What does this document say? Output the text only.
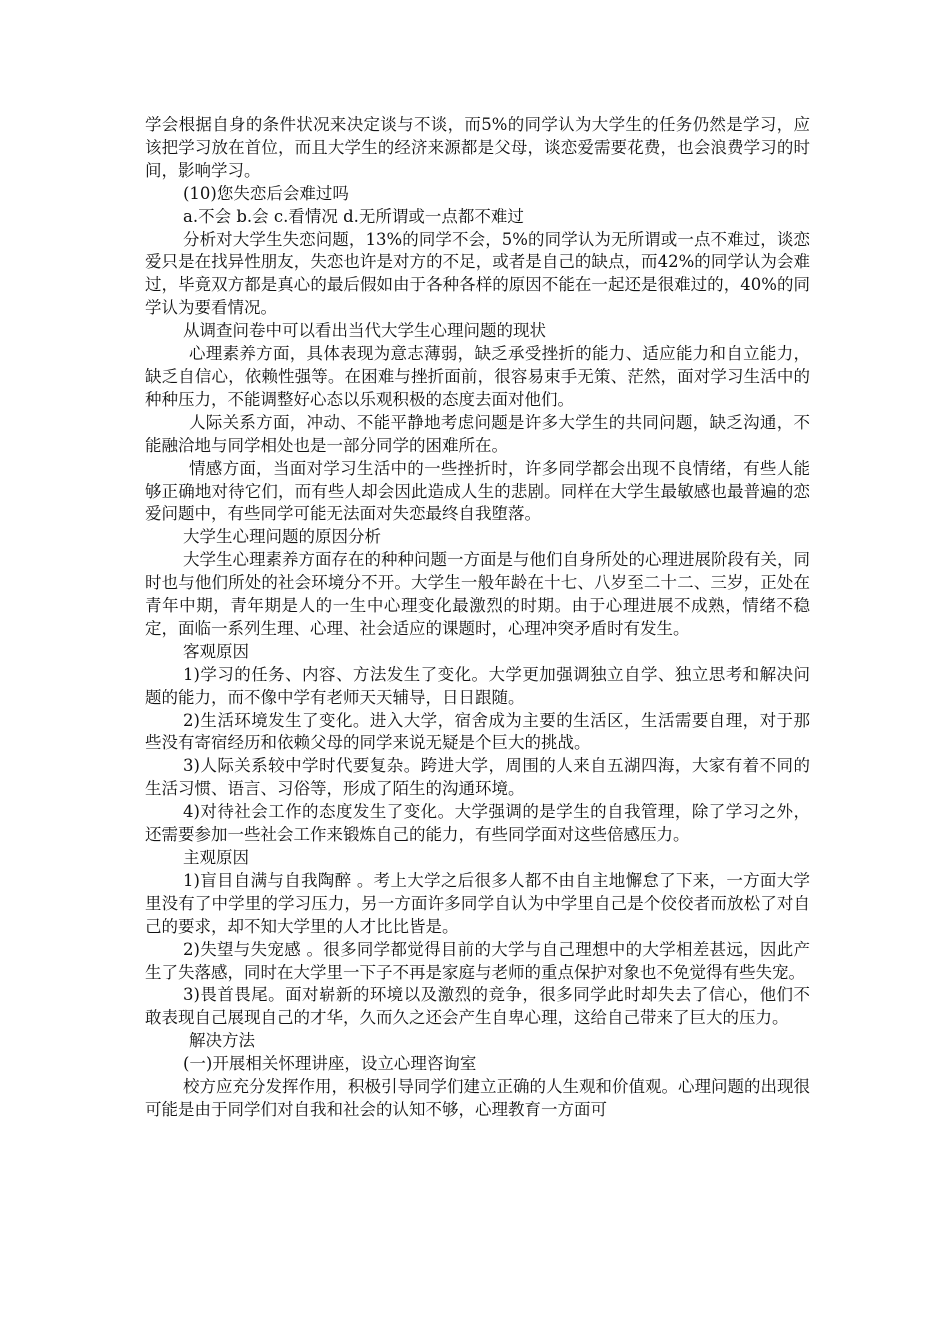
学会根据自身的条件状况来决定谈与不谈，而5%的同学认为大学生的任务仍然是学习，应该把学习放在首位，而且大学生的经济来源都是父母，谈恋爱需要花费，也会浪费学习的时间，影响学习。

(10)您失恋后会难过吗

a.不会 b.会 c.看情况 d.无所谓或一点都不难过

分析对大学生失恋问题，13%的同学不会，5%的同学认为无所谓或一点不难过，谈恋爱只是在找异性朋友，失恋也许是对方的不足，或者是自己的缺点，而42%的同学认为会难过，毕竟双方都是真心的最后假如由于各种各样的原因不能在一起还是很难过的，40%的同学认为要看情况。

从调查问卷中可以看出当代大学生心理问题的现状

心理素养方面，具体表现为意志薄弱，缺乏承受挫折的能力、适应能力和自立能力，缺乏自信心，依赖性强等。在困难与挫折面前，很容易束手无策、茫然，面对学习生活中的种种压力，不能调整好心态以乐观积极的态度去面对他们。

人际关系方面，冲动、不能平静地考虑问题是许多大学生的共同问题，缺乏沟通，不能融洽地与同学相处也是一部分同学的困难所在。

情感方面，当面对学习生活中的一些挫折时，许多同学都会出现不良情绪，有些人能够正确地对待它们，而有些人却会因此造成人生的悲剧。同样在大学生最敏感也最普遍的恋爱问题中，有些同学可能无法面对失恋最终自我堕落。

大学生心理问题的原因分析

大学生心理素养方面存在的种种问题一方面是与他们自身所处的心理进展阶段有关，同时也与他们所处的社会环境分不开。大学生一般年龄在十七、八岁至二十二、三岁，正处在青年中期，青年期是人的一生中心理变化最激烈的时期。由于心理进展不成熟，情绪不稳定，面临一系列生理、心理、社会适应的课题时，心理冲突矛盾时有发生。

客观原因

1)学习的任务、内容、方法发生了变化。大学更加强调独立自学、独立思考和解决问题的能力，而不像中学有老师天天辅导，日日跟随。

2)生活环境发生了变化。进入大学，宿舍成为主要的生活区，生活需要自理，对于那些没有寄宿经历和依赖父母的同学来说无疑是个巨大的挑战。

3)人际关系较中学时代要复杂。跨进大学，周围的人来自五湖四海，大家有着不同的生活习惯、语言、习俗等，形成了陌生的沟通环境。

4)对待社会工作的态度发生了变化。大学强调的是学生的自我管理，除了学习之外，还需要参加一些社会工作来锻炼自己的能力，有些同学面对这些倍感压力。

主观原因

1)盲目自满与自我陶醉 。考上大学之后很多人都不由自主地懈怠了下来，一方面大学里没有了中学里的学习压力，另一方面许多同学自认为中学里自己是个佼佼者而放松了对自己的要求，却不知大学里的人才比比皆是。

2)失望与失宠感 。很多同学都觉得目前的大学与自己理想中的大学相差甚远，因此产生了失落感，同时在大学里一下子不再是家庭与老师的重点保护对象也不免觉得有些失宠。

3)畏首畏尾。面对崭新的环境以及激烈的竞争，很多同学此时却失去了信心，他们不敢表现自己展现自己的才华，久而久之还会产生自卑心理，这给自己带来了巨大的压力。

解决方法

(一)开展相关怀理讲座，设立心理咨询室

校方应充分发挥作用，积极引导同学们建立正确的人生观和价值观。心理问题的出现很可能是由于同学们对自我和社会的认知不够，心理教育一方面可
